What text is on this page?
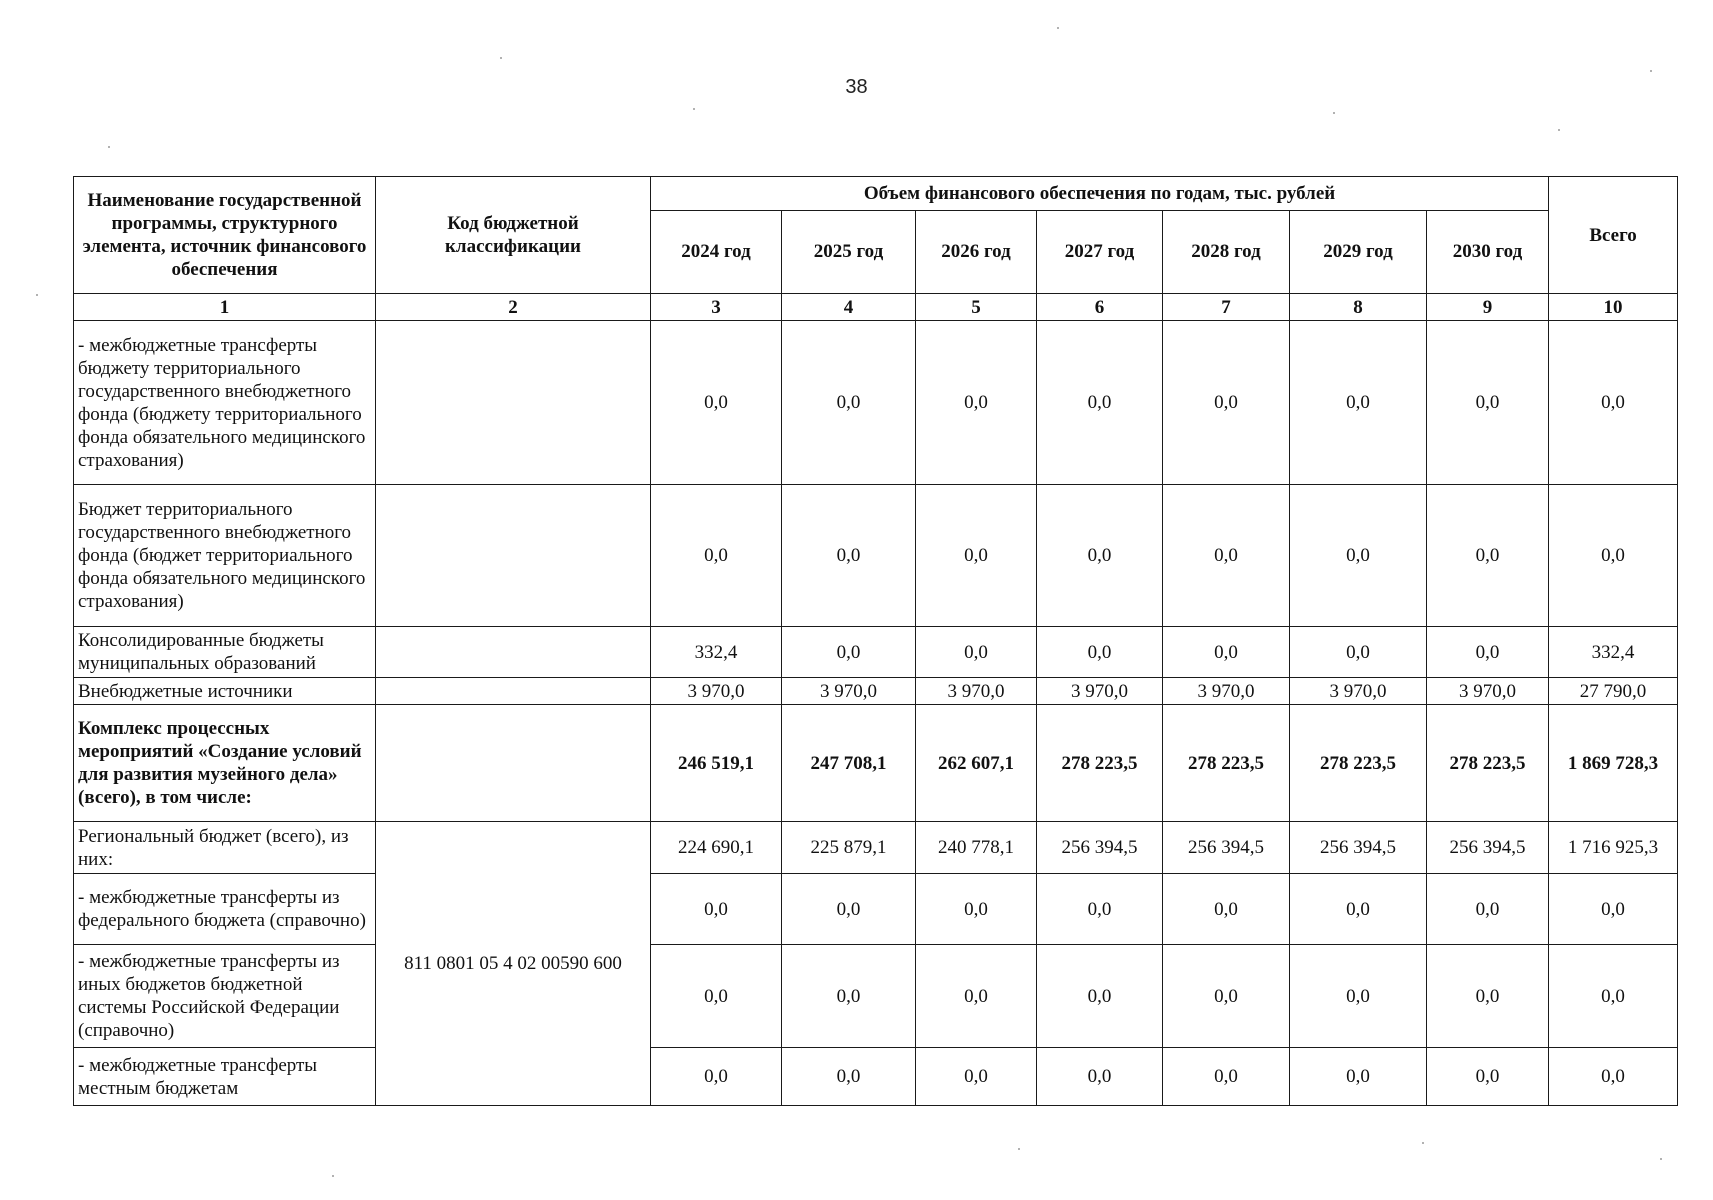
38
Наименование государственной программы, структурного элемента, источник финансового обеспечения	Код бюджетной классификации	Объем финансового обеспечения по годам, тыс. рублей							Всего
		2024 год	2025 год	2026 год	2027 год	2028 год	2029 год	2030 год	
1	2	3	4	5	6	7	8	9	10
- межбюджетные трансферты бюджету территориального государственного внебюджетного фонда (бюджету территориального фонда обязательного медицинского страхования)		0,0	0,0	0,0	0,0	0,0	0,0	0,0	0,0
Бюджет территориального государственного внебюджетного фонда (бюджет территориального фонда обязательного медицинского страхования)		0,0	0,0	0,0	0,0	0,0	0,0	0,0	0,0
Консолидированные бюджеты муниципальных образований		332,4	0,0	0,0	0,0	0,0	0,0	0,0	332,4
Внебюджетные источники		3 970,0	3 970,0	3 970,0	3 970,0	3 970,0	3 970,0	3 970,0	27 790,0
Комплекс процессных мероприятий «Создание условий для развития музейного дела» (всего), в том числе:		246 519,1	247 708,1	262 607,1	278 223,5	278 223,5	278 223,5	278 223,5	1 869 728,3
Региональный бюджет (всего), из них:	811 0801 05 4 02 00590 600	224 690,1	225 879,1	240 778,1	256 394,5	256 394,5	256 394,5	256 394,5	1 716 925,3
- межбюджетные трансферты из федерального бюджета (справочно)		0,0	0,0	0,0	0,0	0,0	0,0	0,0	0,0
- межбюджетные трансферты из иных бюджетов бюджетной системы Российской Федерации (справочно)		0,0	0,0	0,0	0,0	0,0	0,0	0,0	0,0
- межбюджетные трансферты местным бюджетам		0,0	0,0	0,0	0,0	0,0	0,0	0,0	0,0
